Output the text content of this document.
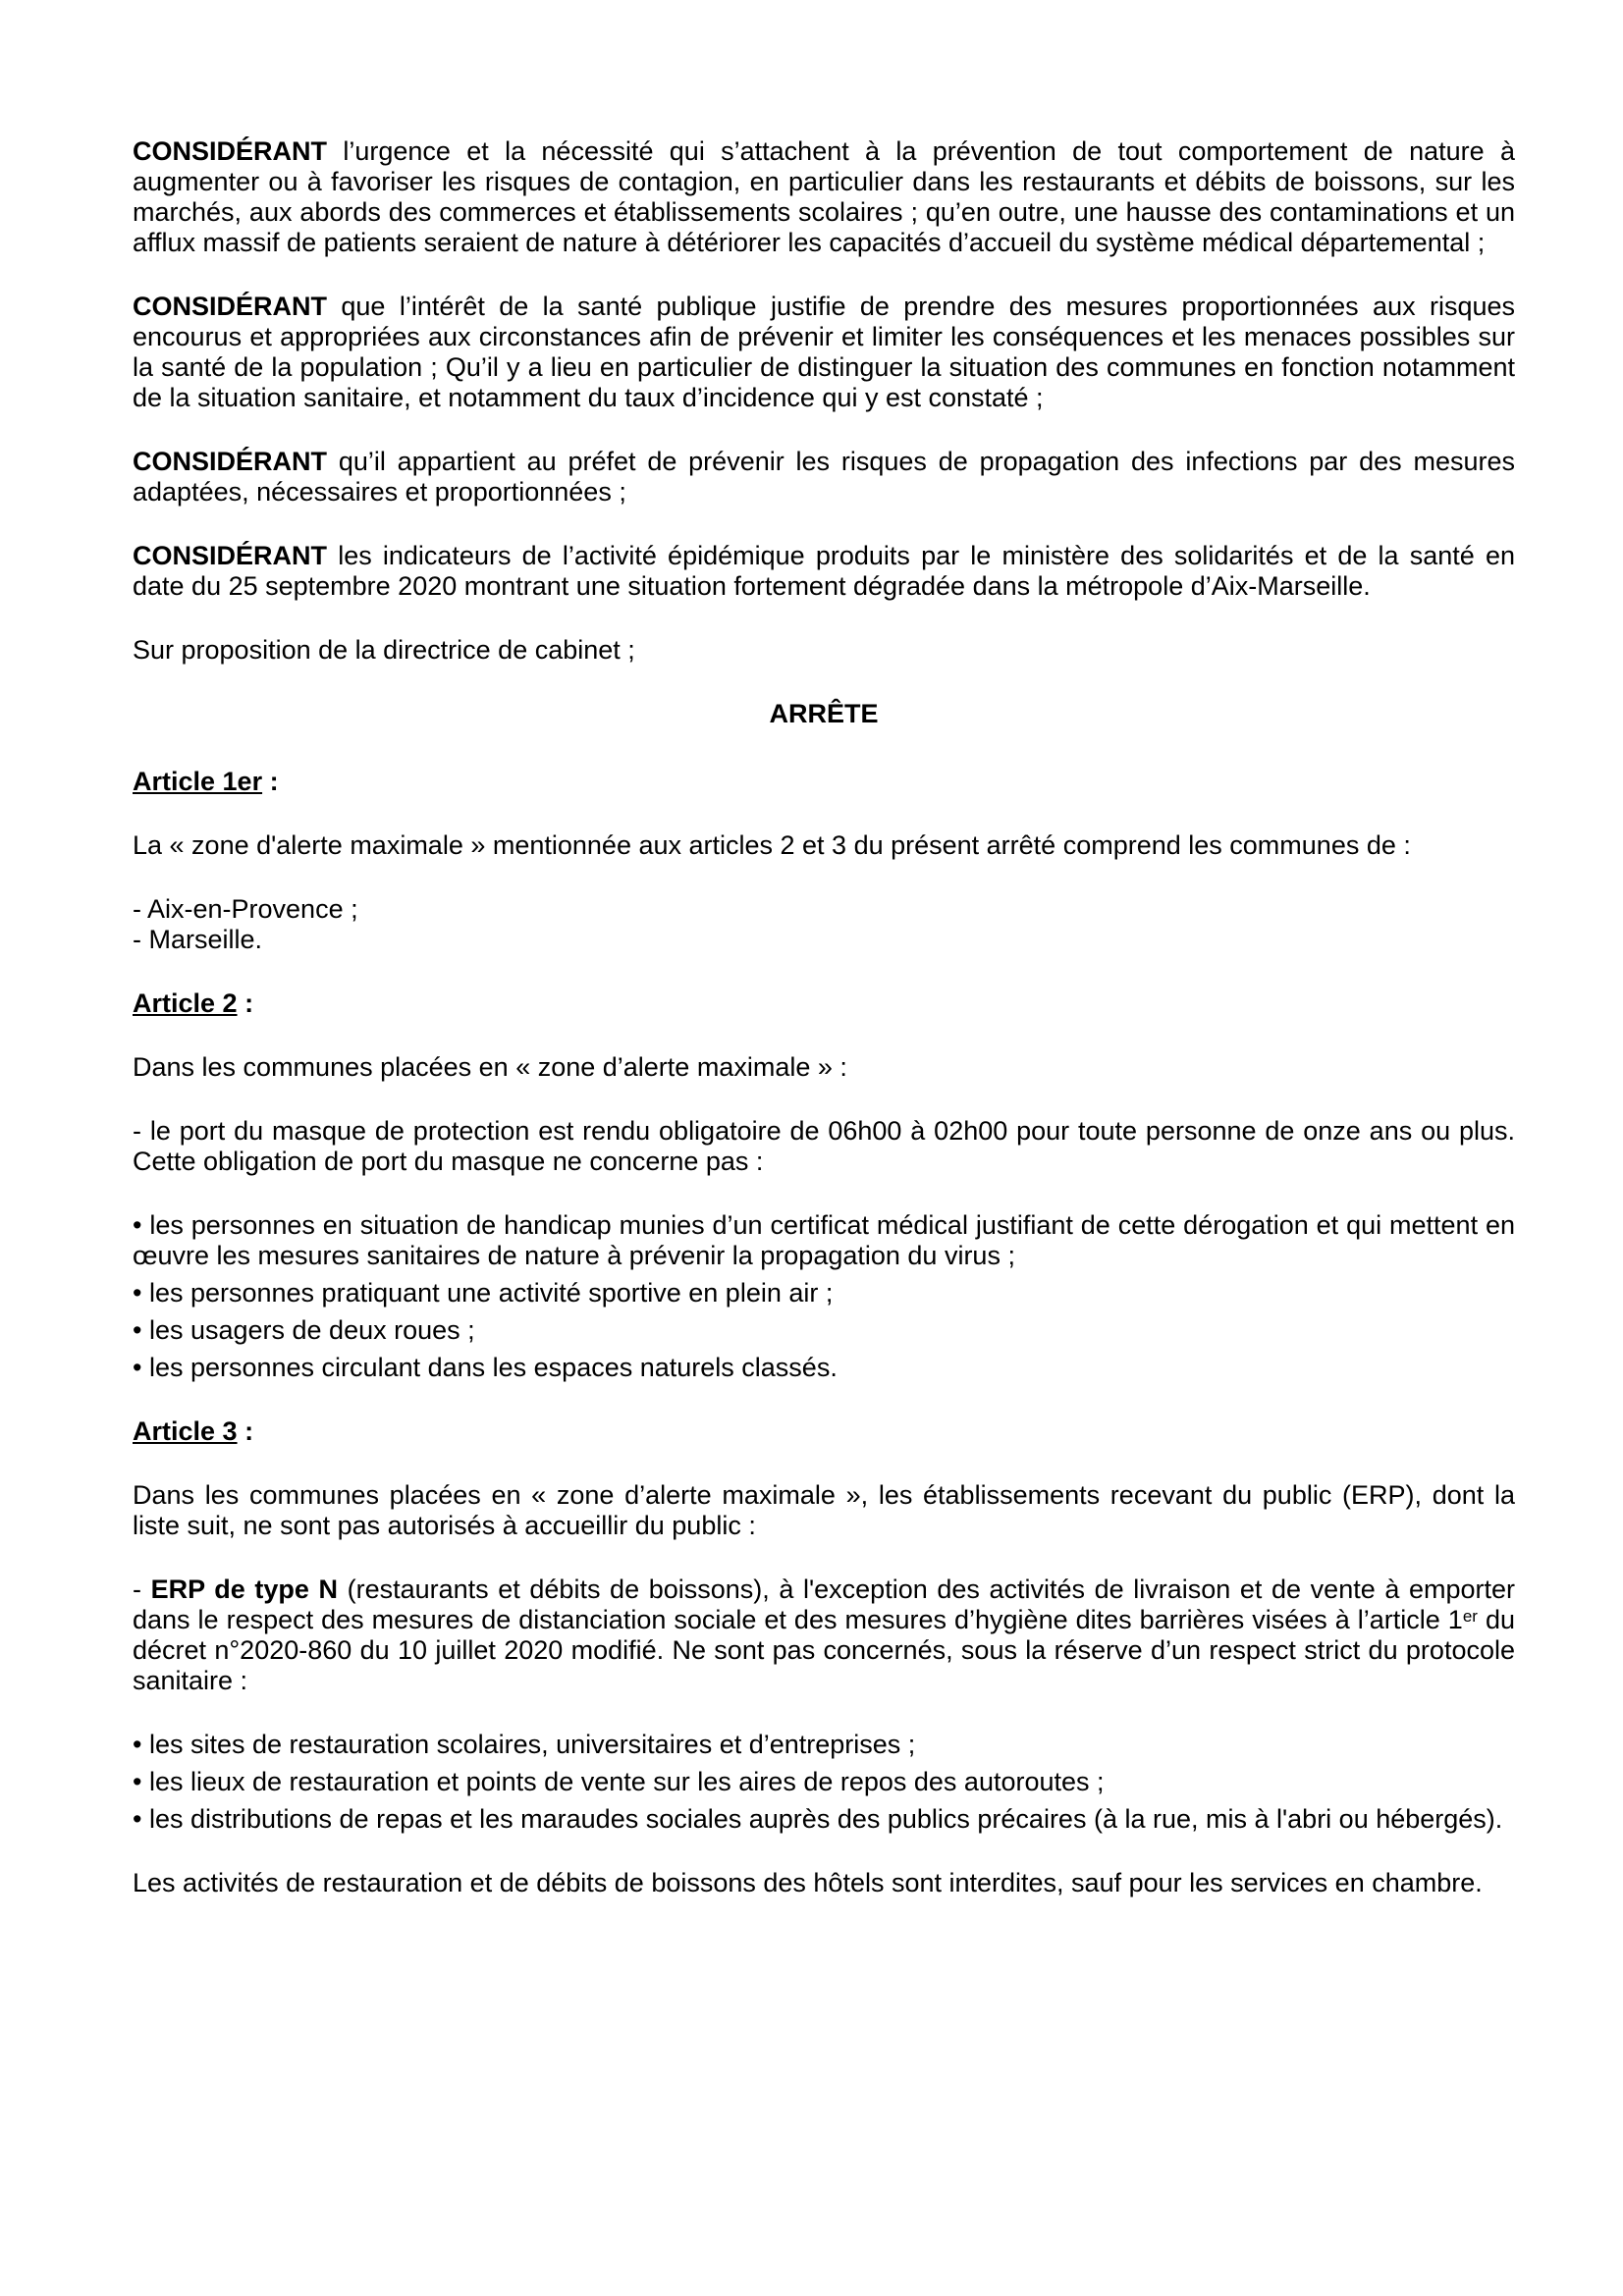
CONSIDÉRANT l’urgence et la nécessité qui s’attachent à la prévention de tout comportement de nature à augmenter ou à favoriser les risques de contagion, en particulier dans les restaurants et débits de boissons, sur les marchés, aux abords des commerces et établissements scolaires ; qu’en outre, une hausse des contaminations et un afflux massif de patients seraient de nature à détériorer les capacités d’accueil du système médical départemental ;

CONSIDÉRANT que l’intérêt de la santé publique justifie de prendre des mesures proportionnées aux risques encourus et appropriées aux circonstances afin de prévenir et limiter les conséquences et les menaces possibles sur la santé de la population ; Qu’il y a lieu en particulier de distinguer la situation des communes en fonction notamment de la situation sanitaire, et notamment du taux d’incidence qui y est constaté ;

CONSIDÉRANT qu’il appartient au préfet de prévenir les risques de propagation des infections par des mesures adaptées, nécessaires et proportionnées ;

CONSIDÉRANT les indicateurs de l’activité épidémique produits par le ministère des solidarités et de la santé en date du 25 septembre 2020 montrant une situation fortement dégradée dans la métropole d’Aix-Marseille.

Sur proposition de la directrice de cabinet ;

ARRÊTE

Article 1er :

La « zone d'alerte maximale » mentionnée aux articles 2 et 3 du présent arrêté comprend les communes de :

- Aix-en-Provence ;

- Marseille.

Article 2 :

Dans les communes placées en « zone d’alerte maximale » :

- le port du masque de protection est rendu obligatoire de 06h00 à 02h00 pour toute personne de onze ans ou plus. Cette obligation de port du masque ne concerne pas :

• les personnes en situation de handicap munies d’un certificat médical justifiant de cette dérogation et qui mettent en œuvre les mesures sanitaires de nature à prévenir la propagation du virus ;

• les personnes pratiquant une activité sportive en plein air ;

• les usagers de deux roues ;

• les personnes circulant dans les espaces naturels classés.

Article 3 :

Dans les communes placées en « zone d’alerte maximale », les établissements recevant du public (ERP), dont la liste suit, ne sont pas autorisés à accueillir du public :

- ERP de type N (restaurants et débits de boissons), à l'exception des activités de livraison et de vente à emporter dans le respect des mesures de distanciation sociale et des mesures d’hygiène dites barrières visées à l’article 1er du décret n°2020-860 du 10 juillet 2020 modifié. Ne sont pas concernés, sous la réserve d’un respect strict du protocole sanitaire :

• les sites de restauration scolaires, universitaires et d’entreprises ;

• les lieux de restauration et points de vente sur les aires de repos des autoroutes ;

• les distributions de repas et les maraudes sociales auprès des publics précaires (à la rue, mis à l'abri ou hébergés).

Les activités de restauration et de débits de boissons des hôtels sont interdites, sauf pour les services en chambre.
